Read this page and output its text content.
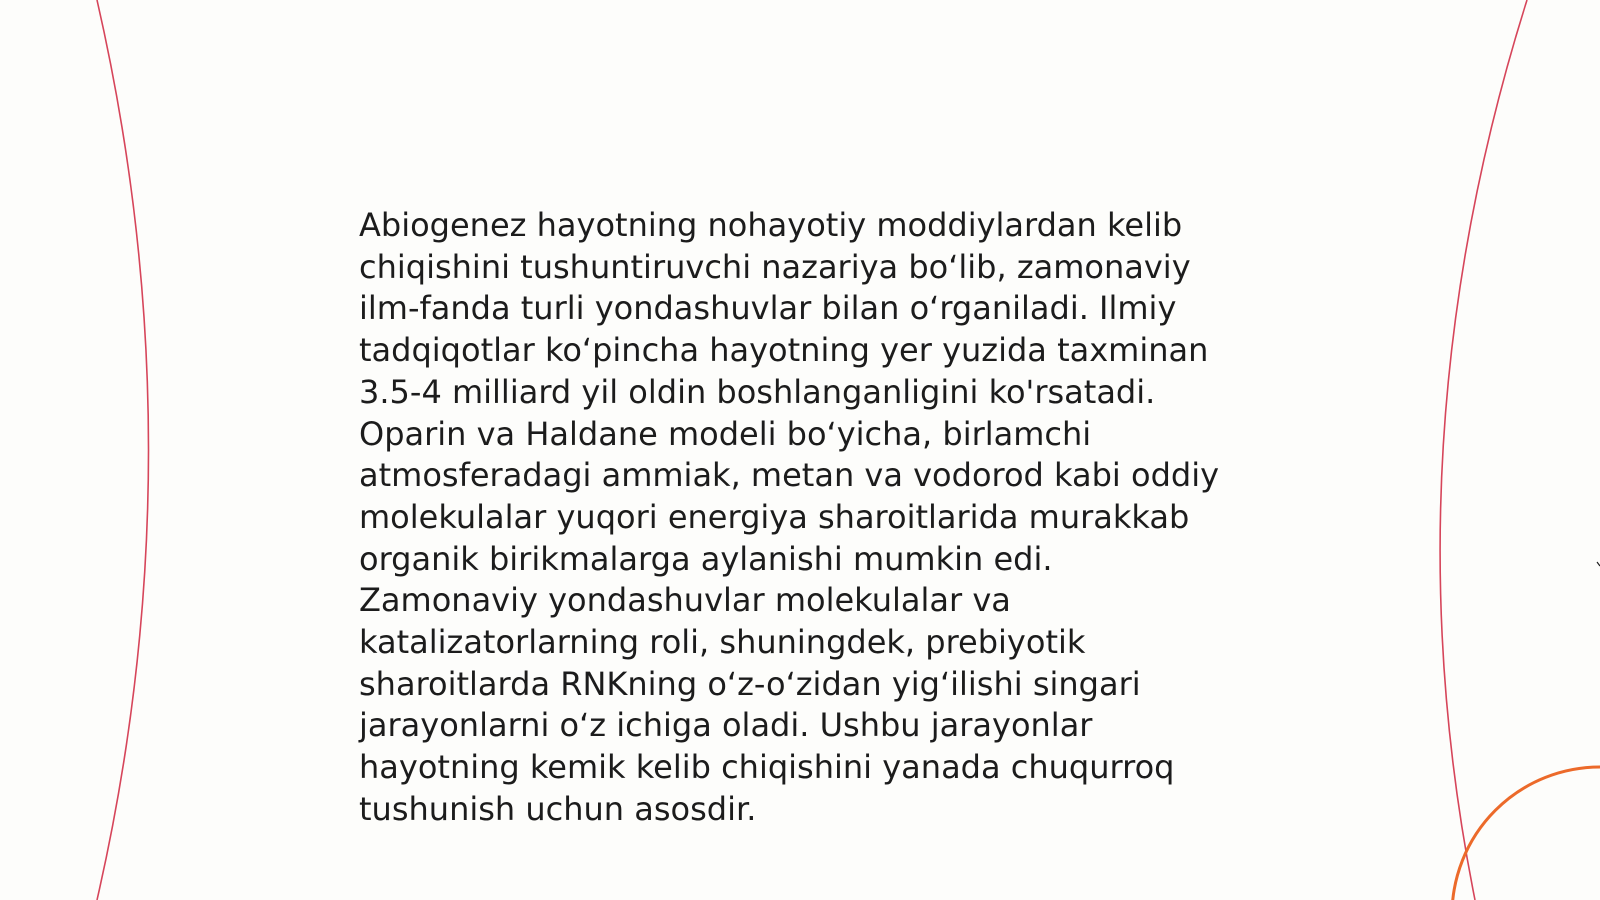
Abiogenez hayotning nohayotiy moddiylardan kelib
chiqishini tushuntiruvchi nazariya bo‘lib, zamonaviy
ilm-fanda turli yondashuvlar bilan o‘rganiladi. Ilmiy
tadqiqotlar ko‘pincha hayotning yer yuzida taxminan
3.5-4 milliard yil oldin boshlanganligini ko'rsatadi.
Oparin va Haldane modeli bo‘yicha, birlamchi
atmosferadagi ammiak, metan va vodorod kabi oddiy
molekulalar yuqori energiya sharoitlarida murakkab
organik birikmalarga aylanishi mumkin edi.
Zamonaviy yondashuvlar molekulalar va
katalizatorlarning roli, shuningdek, prebiyotik
sharoitlarda RNKning o‘z-o‘zidan yig‘ilishi singari
jarayonlarni o‘z ichiga oladi. Ushbu jarayonlar
hayotning kemik kelib chiqishini yanada chuqurroq
tushunish uchun asosdir.
